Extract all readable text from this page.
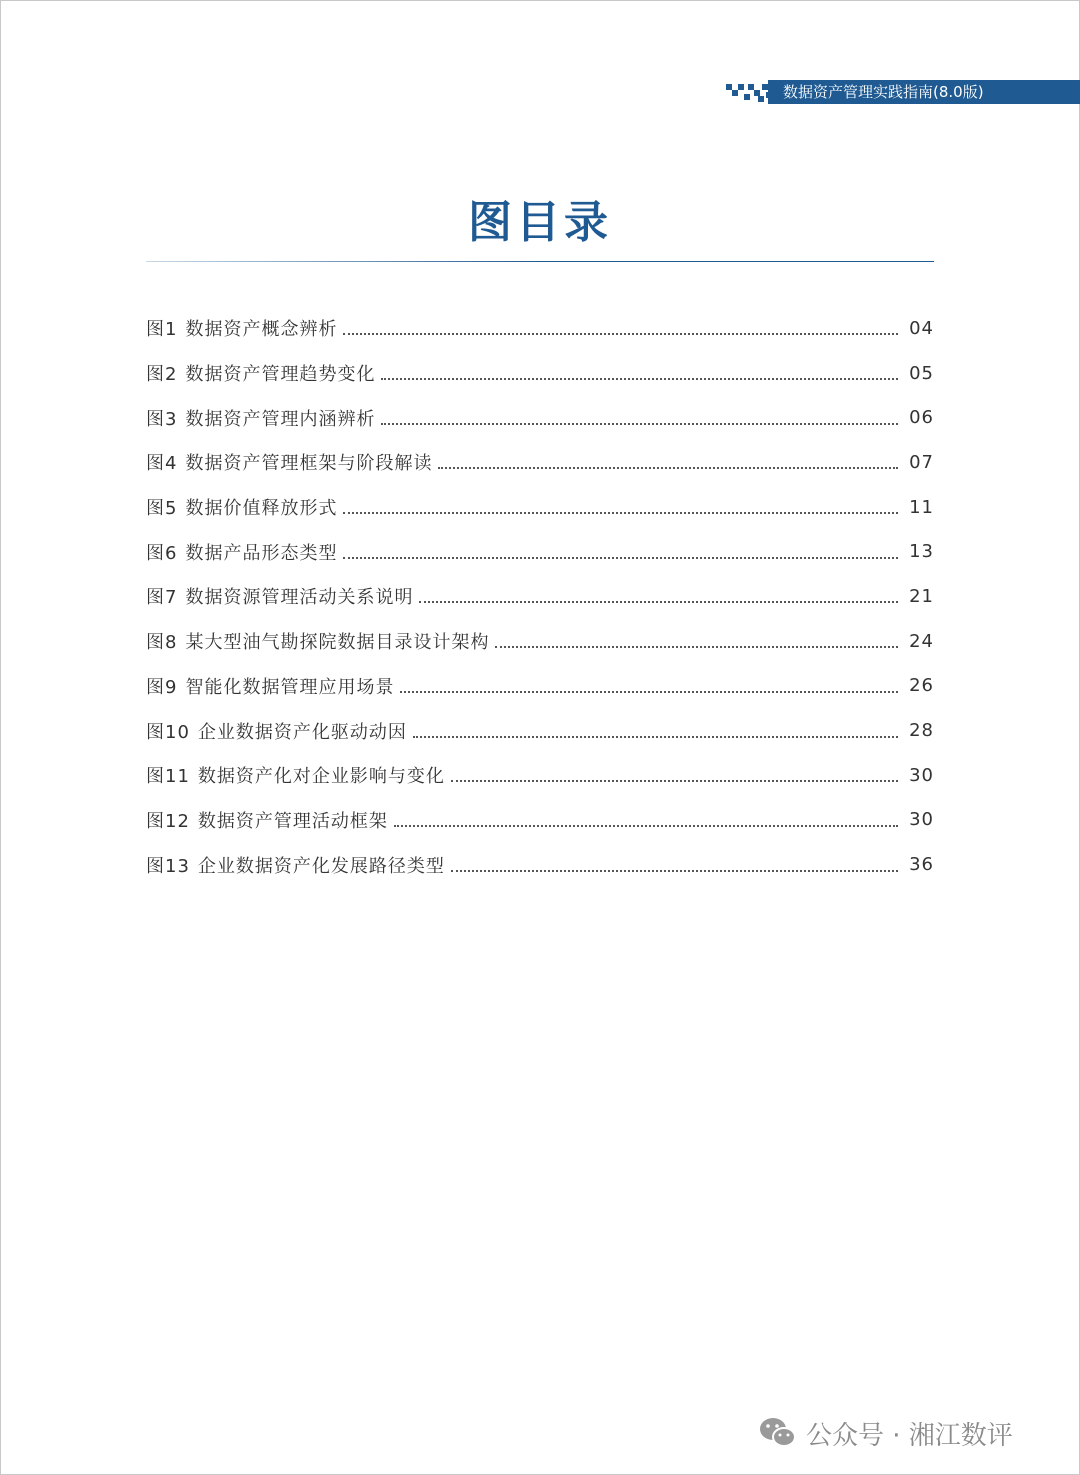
数据资产管理实践指南(8.0版)
图目录
图1 数据资产概念辨析	04
图2 数据资产管理趋势变化	05
图3 数据资产管理内涵辨析	06
图4 数据资产管理框架与阶段解读	07
图5 数据价值释放形式	11
图6 数据产品形态类型	13
图7 数据资源管理活动关系说明	21
图8 某大型油气勘探院数据目录设计架构	24
图9 智能化数据管理应用场景	26
图10 企业数据资产化驱动动因	28
图11 数据资产化对企业影响与变化	30
图12 数据资产管理活动框架	30
图13 企业数据资产化发展路径类型	36
公众号 · 湘江数评
